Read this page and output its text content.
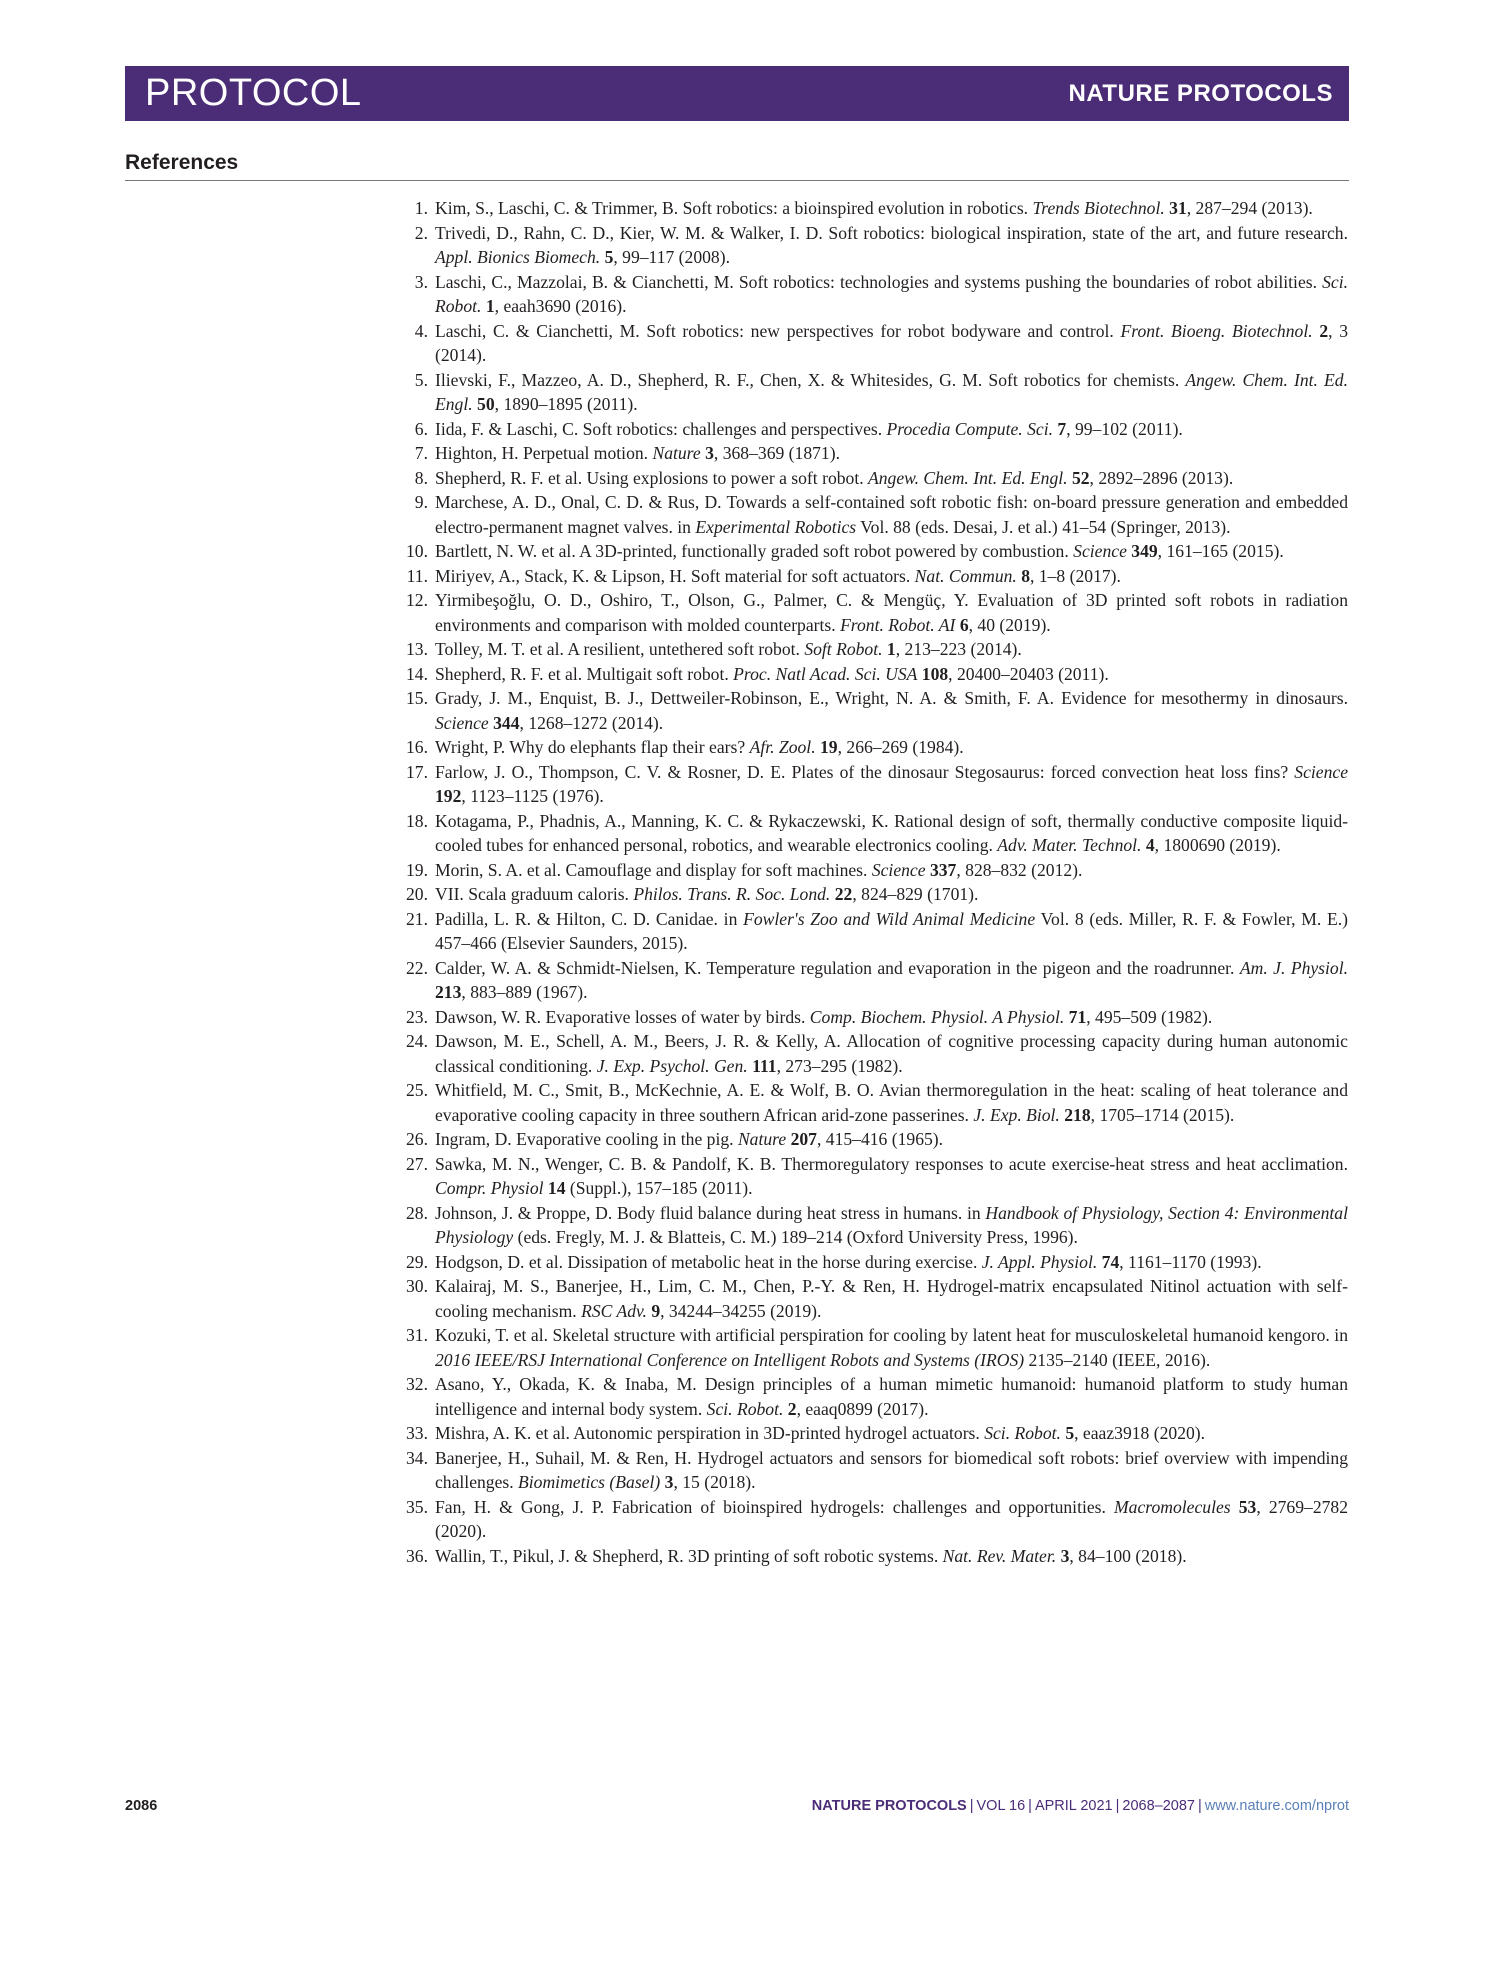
PROTOCOL	NATURE PROTOCOLS
References
1. Kim, S., Laschi, C. & Trimmer, B. Soft robotics: a bioinspired evolution in robotics. Trends Biotechnol. 31, 287–294 (2013).
2. Trivedi, D., Rahn, C. D., Kier, W. M. & Walker, I. D. Soft robotics: biological inspiration, state of the art, and future research. Appl. Bionics Biomech. 5, 99–117 (2008).
3. Laschi, C., Mazzolai, B. & Cianchetti, M. Soft robotics: technologies and systems pushing the boundaries of robot abilities. Sci. Robot. 1, eaah3690 (2016).
4. Laschi, C. & Cianchetti, M. Soft robotics: new perspectives for robot bodyware and control. Front. Bioeng. Biotechnol. 2, 3 (2014).
5. Ilievski, F., Mazzeo, A. D., Shepherd, R. F., Chen, X. & Whitesides, G. M. Soft robotics for chemists. Angew. Chem. Int. Ed. Engl. 50, 1890–1895 (2011).
6. Iida, F. & Laschi, C. Soft robotics: challenges and perspectives. Procedia Compute. Sci. 7, 99–102 (2011).
7. Highton, H. Perpetual motion. Nature 3, 368–369 (1871).
8. Shepherd, R. F. et al. Using explosions to power a soft robot. Angew. Chem. Int. Ed. Engl. 52, 2892–2896 (2013).
9. Marchese, A. D., Onal, C. D. & Rus, D. Towards a self-contained soft robotic fish: on-board pressure generation and embedded electro-permanent magnet valves. in Experimental Robotics Vol. 88 (eds. Desai, J. et al.) 41–54 (Springer, 2013).
10. Bartlett, N. W. et al. A 3D-printed, functionally graded soft robot powered by combustion. Science 349, 161–165 (2015).
11. Miriyev, A., Stack, K. & Lipson, H. Soft material for soft actuators. Nat. Commun. 8, 1–8 (2017).
12. Yirmibeşoğlu, O. D., Oshiro, T., Olson, G., Palmer, C. & Mengüç, Y. Evaluation of 3D printed soft robots in radiation environments and comparison with molded counterparts. Front. Robot. AI 6, 40 (2019).
13. Tolley, M. T. et al. A resilient, untethered soft robot. Soft Robot. 1, 213–223 (2014).
14. Shepherd, R. F. et al. Multigait soft robot. Proc. Natl Acad. Sci. USA 108, 20400–20403 (2011).
15. Grady, J. M., Enquist, B. J., Dettweiler-Robinson, E., Wright, N. A. & Smith, F. A. Evidence for mesothermy in dinosaurs. Science 344, 1268–1272 (2014).
16. Wright, P. Why do elephants flap their ears? Afr. Zool. 19, 266–269 (1984).
17. Farlow, J. O., Thompson, C. V. & Rosner, D. E. Plates of the dinosaur Stegosaurus: forced convection heat loss fins? Science 192, 1123–1125 (1976).
18. Kotagama, P., Phadnis, A., Manning, K. C. & Rykaczewski, K. Rational design of soft, thermally conductive composite liquid-cooled tubes for enhanced personal, robotics, and wearable electronics cooling. Adv. Mater. Technol. 4, 1800690 (2019).
19. Morin, S. A. et al. Camouflage and display for soft machines. Science 337, 828–832 (2012).
20. VII. Scala graduum caloris. Philos. Trans. R. Soc. Lond. 22, 824–829 (1701).
21. Padilla, L. R. & Hilton, C. D. Canidae. in Fowler's Zoo and Wild Animal Medicine Vol. 8 (eds. Miller, R. F. & Fowler, M. E.) 457–466 (Elsevier Saunders, 2015).
22. Calder, W. A. & Schmidt-Nielsen, K. Temperature regulation and evaporation in the pigeon and the roadrunner. Am. J. Physiol. 213, 883–889 (1967).
23. Dawson, W. R. Evaporative losses of water by birds. Comp. Biochem. Physiol. A Physiol. 71, 495–509 (1982).
24. Dawson, M. E., Schell, A. M., Beers, J. R. & Kelly, A. Allocation of cognitive processing capacity during human autonomic classical conditioning. J. Exp. Psychol. Gen. 111, 273–295 (1982).
25. Whitfield, M. C., Smit, B., McKechnie, A. E. & Wolf, B. O. Avian thermoregulation in the heat: scaling of heat tolerance and evaporative cooling capacity in three southern African arid-zone passerines. J. Exp. Biol. 218, 1705–1714 (2015).
26. Ingram, D. Evaporative cooling in the pig. Nature 207, 415–416 (1965).
27. Sawka, M. N., Wenger, C. B. & Pandolf, K. B. Thermoregulatory responses to acute exercise-heat stress and heat acclimation. Compr. Physiol 14 (Suppl.), 157–185 (2011).
28. Johnson, J. & Proppe, D. Body fluid balance during heat stress in humans. in Handbook of Physiology, Section 4: Environmental Physiology (eds. Fregly, M. J. & Blatteis, C. M.) 189–214 (Oxford University Press, 1996).
29. Hodgson, D. et al. Dissipation of metabolic heat in the horse during exercise. J. Appl. Physiol. 74, 1161–1170 (1993).
30. Kalairaj, M. S., Banerjee, H., Lim, C. M., Chen, P.-Y. & Ren, H. Hydrogel-matrix encapsulated Nitinol actuation with self-cooling mechanism. RSC Adv. 9, 34244–34255 (2019).
31. Kozuki, T. et al. Skeletal structure with artificial perspiration for cooling by latent heat for musculoskeletal humanoid kengoro. in 2016 IEEE/RSJ International Conference on Intelligent Robots and Systems (IROS) 2135–2140 (IEEE, 2016).
32. Asano, Y., Okada, K. & Inaba, M. Design principles of a human mimetic humanoid: humanoid platform to study human intelligence and internal body system. Sci. Robot. 2, eaaq0899 (2017).
33. Mishra, A. K. et al. Autonomic perspiration in 3D-printed hydrogel actuators. Sci. Robot. 5, eaaz3918 (2020).
34. Banerjee, H., Suhail, M. & Ren, H. Hydrogel actuators and sensors for biomedical soft robots: brief overview with impending challenges. Biomimetics (Basel) 3, 15 (2018).
35. Fan, H. & Gong, J. P. Fabrication of bioinspired hydrogels: challenges and opportunities. Macromolecules 53, 2769–2782 (2020).
36. Wallin, T., Pikul, J. & Shepherd, R. 3D printing of soft robotic systems. Nat. Rev. Mater. 3, 84–100 (2018).
2086	NATURE PROTOCOLS | VOL 16 | APRIL 2021 | 2068–2087 | www.nature.com/nprot
